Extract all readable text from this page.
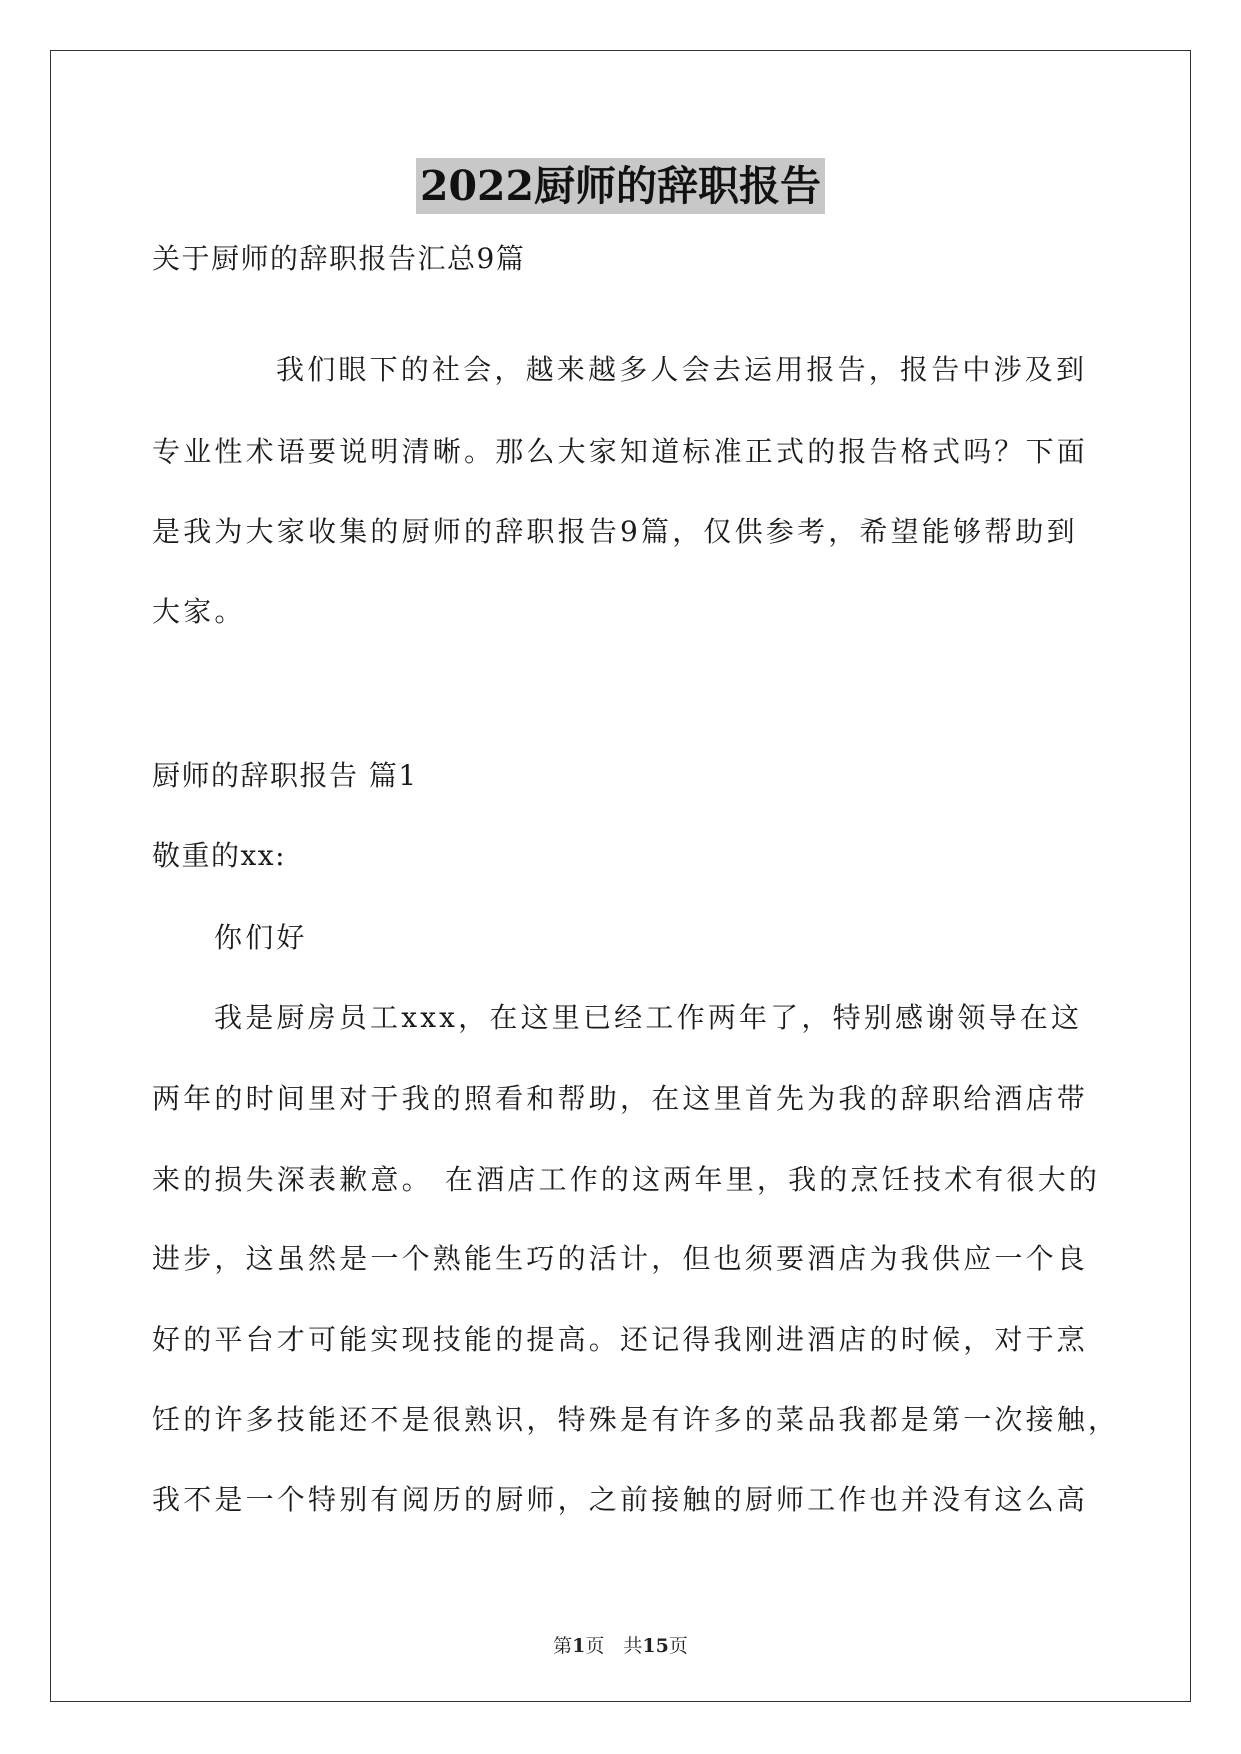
2022厨师的辞职报告
关于厨师的辞职报告汇总9篇
我们眼下的社会，越来越多人会去运用报告，报告中涉及到
专业性术语要说明清晰。那么大家知道标准正式的报告格式吗？下面
是我为大家收集的厨师的辞职报告9篇，仅供参考，希望能够帮助到
大家。
厨师的辞职报告 篇1
敬重的xx:
你们好
我是厨房员工xxx，在这里已经工作两年了，特别感谢领导在这
两年的时间里对于我的照看和帮助，在这里首先为我的辞职给酒店带
来的损失深表歉意。 在酒店工作的这两年里，我的烹饪技术有很大的
进步，这虽然是一个熟能生巧的活计，但也须要酒店为我供应一个良
好的平台才可能实现技能的提高。还记得我刚进酒店的时候，对于烹
饪的许多技能还不是很熟识，特殊是有许多的菜品我都是第一次接触，
我不是一个特别有阅历的厨师，之前接触的厨师工作也并没有这么高
第1页　共15页
